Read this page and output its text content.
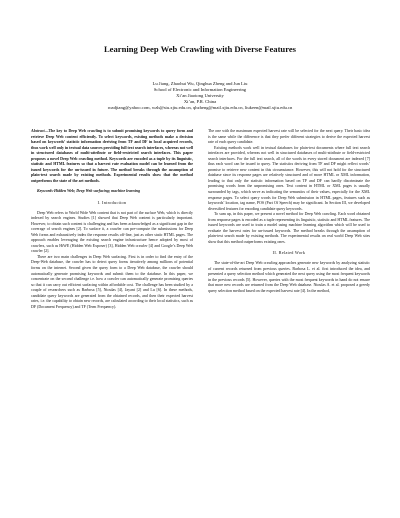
Learning Deep Web Crawling with Diverse Features
Lu Jiang, Zhaohui Wu, Qinghua Zheng and Jun Liu
School of Electronic and Information Engineering
Xi’an Jiaotong University
Xi’an, P.R. China
roadjiang@yahoo.com, wzh@stu.xjtu.edu.cn, qhzheng@mail.xjtu.edu.cn, liukeen@mail.xjtu.edu.cn

Abstract—The key to Deep Web crawling is to submit promising keywords to query form and retrieve Deep Web content efficiently. To select keywords, existing methods make a decision based on keywords’ statistic information deriving from TF and DF in local acquired records, thus work well only in textual data sources providing full text search interfaces, whereas not well in structured databases of multi-attribute or field-restricted search interfaces. This paper proposes a novel Deep Web crawling method. Keywords are encoded as a tuple by its linguistic, statistic and HTML features so that a harvest rate evaluation model can be learned from the issued keywords for the un-issued in future. The method breaks through the assumption of plain-text search made by existing methods. Experimental results show that the method outperforms the state of the art methods.

Keywords-Hidden Web; Deep Web surfacing; machine learning

I. Introduction

Deep Web refers to World Wide Web content that is not part of the surface Web, which is directly indexed by search engines. Studies [1] showed that Deep Web content is particularly important. However, to obtain such content is challenging and has been acknowledged as a significant gap in the coverage of search engines [2]. To surface it, a crawler can pre-compute the submissions for Deep Web forms and exhaustively index the response results off-line, just as other static HTML pages. The approach enables leveraging the existing search engine infrastructure hence adopted by most of crawlers, such as HiWE (Hidden Web Exposer) [3], Hidden Web crawler [4] and Google’s Deep Web crawler [2].

There are two main challenges in Deep Web surfacing. First is in order to find the entry of the Deep-Web database, the crawler has to detect query forms iteratively among millions of potential forms on the internet. Second given the query form to a Deep Web database, the crawler should automatically generate promising keywords and submit them to the database. In this paper, we concentrate on the second challenge i.e. how a crawler can automatically generate promising queries so that it can carry out efficient surfacing within affordable cost. The challenge has been studied by a couple of researchers such as Barbosa [5], Ntoulas [4], Jayant [2] and Lu [6]. In these methods, candidate query keywords are generated from the obtained records, and then their expected harvest rates, i.e. the capability to obtain new records, are calculated according to their local statistics, such as DF (Document Frequency) and TF (Term Frequency).

The one with the maximum expected harvest rate will be selected for the next query. Their basic idea is the same while the difference is that they prefer different strategies to derive the expected harvest rate of each query candidate.

Existing methods work well in textual databases for plain-text documents where full text search interfaces are provided, whereas not well in structured databases of multi-attribute or field-restricted search interfaces. For the full text search, all of the words in every stored document are indexed [7] thus each word can be issued to query. The statistics deriving from TF and DF might reflect words’ promise to retrieve new content in this circumstance. However, this will not hold for the structured database since its response pages are relatively structured and of more HTML or XML information, leading to that only the statistic information based on TF and DF can hardly discriminate the promising words from the unpromising ones. Text content in HTML or XML pages is usually surrounded by tags, which serve as indicating the semantics of their values, especially for the XML response pages. To select query words for Deep Web submission in HTML pages, features such as keywords’ location, tag name, POS (Part Of Speech) may be significant. In Section III, we developed diversified features for encoding candidate query keywords.

To sum up, in this paper, we present a novel method for Deep Web crawling. Each word obtained from response pages is encoded as a tuple representing its linguistic, statistic and HTML features. The issued keywords are used to train a model using machine learning algorithm which will be used to evaluate the harvest rates for un-issued keywords. The method breaks through the assumption of plain-text search made by existing methods. The experimental results on real world Deep Web sites show that this method outperforms existing ones.

II. Related Work

The state-of-the-art Deep Web crawling approaches generate new keywords by analyzing statistic of current records returned from previous queries. Barbosa L. et al. first introduced the idea, and presented a query selection method which generated the next query using the most frequent keywords in the previous records [5]. However, queries with the most frequent keywords in hand do not ensure that more new records are returned from the Deep Web database. Ntoulas A. et al. proposed a greedy query selection method based on the expected harvest rate [4]. In the method,
